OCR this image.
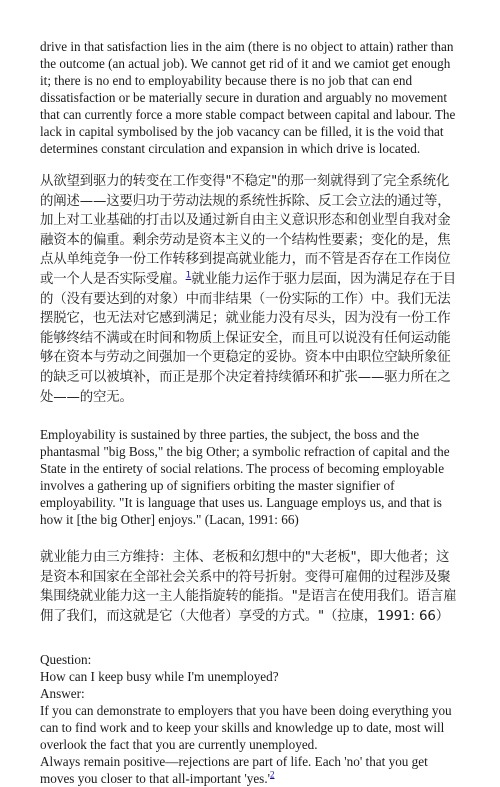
drive in that satisfaction lies in the aim (there is no object to attain) rather than the outcome (an actual job). We cannot get rid of it and we camiot get enough it; there is no end to employability because there is no job that can end dissatisfaction or be materially secure in duration and arguably no movement that can currently force a more stable compact between capital and labour. The lack in capital symbolised by the job vacancy can be filled, it is the void that determines constant circulation and expansion in which drive is located.

从欲望到驱力的转变在工作变得"不稳定"的那一刻就得到了完全系统化的阐述——这要归功于劳动法规的系统性拆除、反工会立法的通过等，加上对工业基础的打击以及通过新自由主义意识形态和创业型自我对金融资本的偏重。剩余劳动是资本主义的一个结构性要素；变化的是，焦点从单纯竞争一份工作转移到提高就业能力，而不管是否存在工作岗位或一个人是否实际受雇。$^1$就业能力运作于驱力层面，因为满足存在于目的（没有要达到的对象）中而非结果（一份实际的工作）中。我们无法摆脱它，也无法对它感到满足；就业能力没有尽头，因为没有一份工作能够终结不满或在时间和物质上保证安全，而且可以说没有任何运动能够在资本与劳动之间强加一个更稳定的妥协。资本中由职位空缺所象征的缺乏可以被填补，而正是那个决定着持续循环和扩张——驱力所在之处——的空无。

Employability is sustained by three parties, the subject, the boss and the phantasmal "big Boss," the big Other; a symbolic refraction of capital and the State in the entirety of social relations. The process of becoming employable involves a gathering up of signifiers orbiting the master signifier of employability. "It is language that uses us. Language employs us, and that is how it [the big Other] enjoys." (Lacan, 1991: 66)

就业能力由三方维持：主体、老板和幻想中的"大老板"，即大他者；这是资本和国家在全部社会关系中的符号折射。变得可雇佣的过程涉及聚集围绕就业能力这一主人能指旋转的能指。"是语言在使用我们。语言雇佣了我们，而这就是它（大他者）享受的方式。"（拉康，1991: 66）

Question:

How can I keep busy while I'm unemployed?

Answer:

If you can demonstrate to employers that you have been doing everything you can to find work and to keep your skills and knowledge up to date, most will overlook the fact that you are currently unemployed.

Always remain positive—rejections are part of life. Each 'no' that you get moves you closer to that all-important 'yes.'$^2$
